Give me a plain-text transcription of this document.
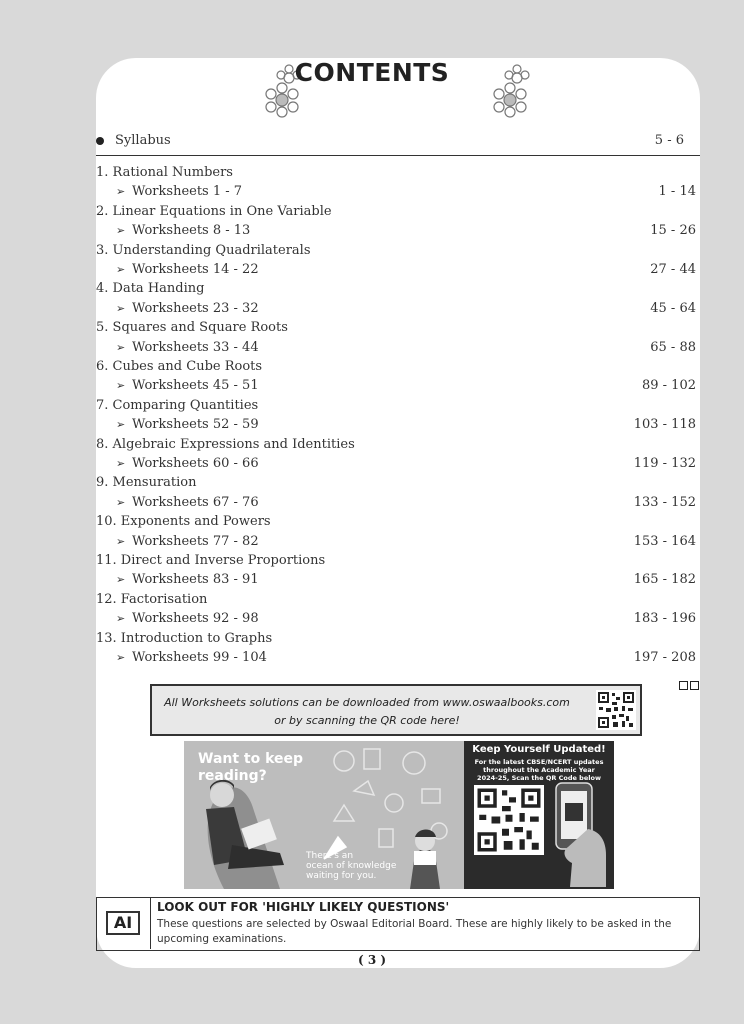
CONTENTS
Syllabus	5 - 6
1. Rational Numbers
➢ Worksheets 1 - 7	1 - 14
2. Linear Equations in One Variable
➢ Worksheets 8 - 13	15 - 26
3. Understanding Quadrilaterals
➢ Worksheets 14 - 22	27 - 44
4. Data Handing
➢ Worksheets 23 - 32	45 - 64
5. Squares and Square Roots
➢ Worksheets 33 - 44	65 - 88
6. Cubes and Cube Roots
➢ Worksheets 45 - 51	89 - 102
7. Comparing Quantities
➢ Worksheets 52 - 59	103 - 118
8. Algebraic Expressions and Identities
➢ Worksheets 60 - 66	119 - 132
9. Mensuration
➢ Worksheets 67 - 76	133 - 152
10. Exponents and Powers
➢ Worksheets 77 - 82	153 - 164
11. Direct and Inverse Proportions
➢ Worksheets 83 - 91	165 - 182
12. Factorisation
➢ Worksheets 92 - 98	183 - 196
13. Introduction to Graphs
➢ Worksheets 99 - 104	197 - 208
All Worksheets solutions can be downloaded from www.oswaalbooks.com
or by scanning the QR code here!
Want to keep
reading?
There's an
ocean of knowledge
waiting for you.
Keep Yourself Updated!
For the latest CBSE/NCERT updates
throughout the Academic Year
2024-25, Scan the QR Code below
AI
LOOK OUT FOR 'HIGHLY LIKELY QUESTIONS'
These questions are selected by Oswaal Editorial Board. These are highly likely to be asked in the upcoming examinations.
( 3 )
